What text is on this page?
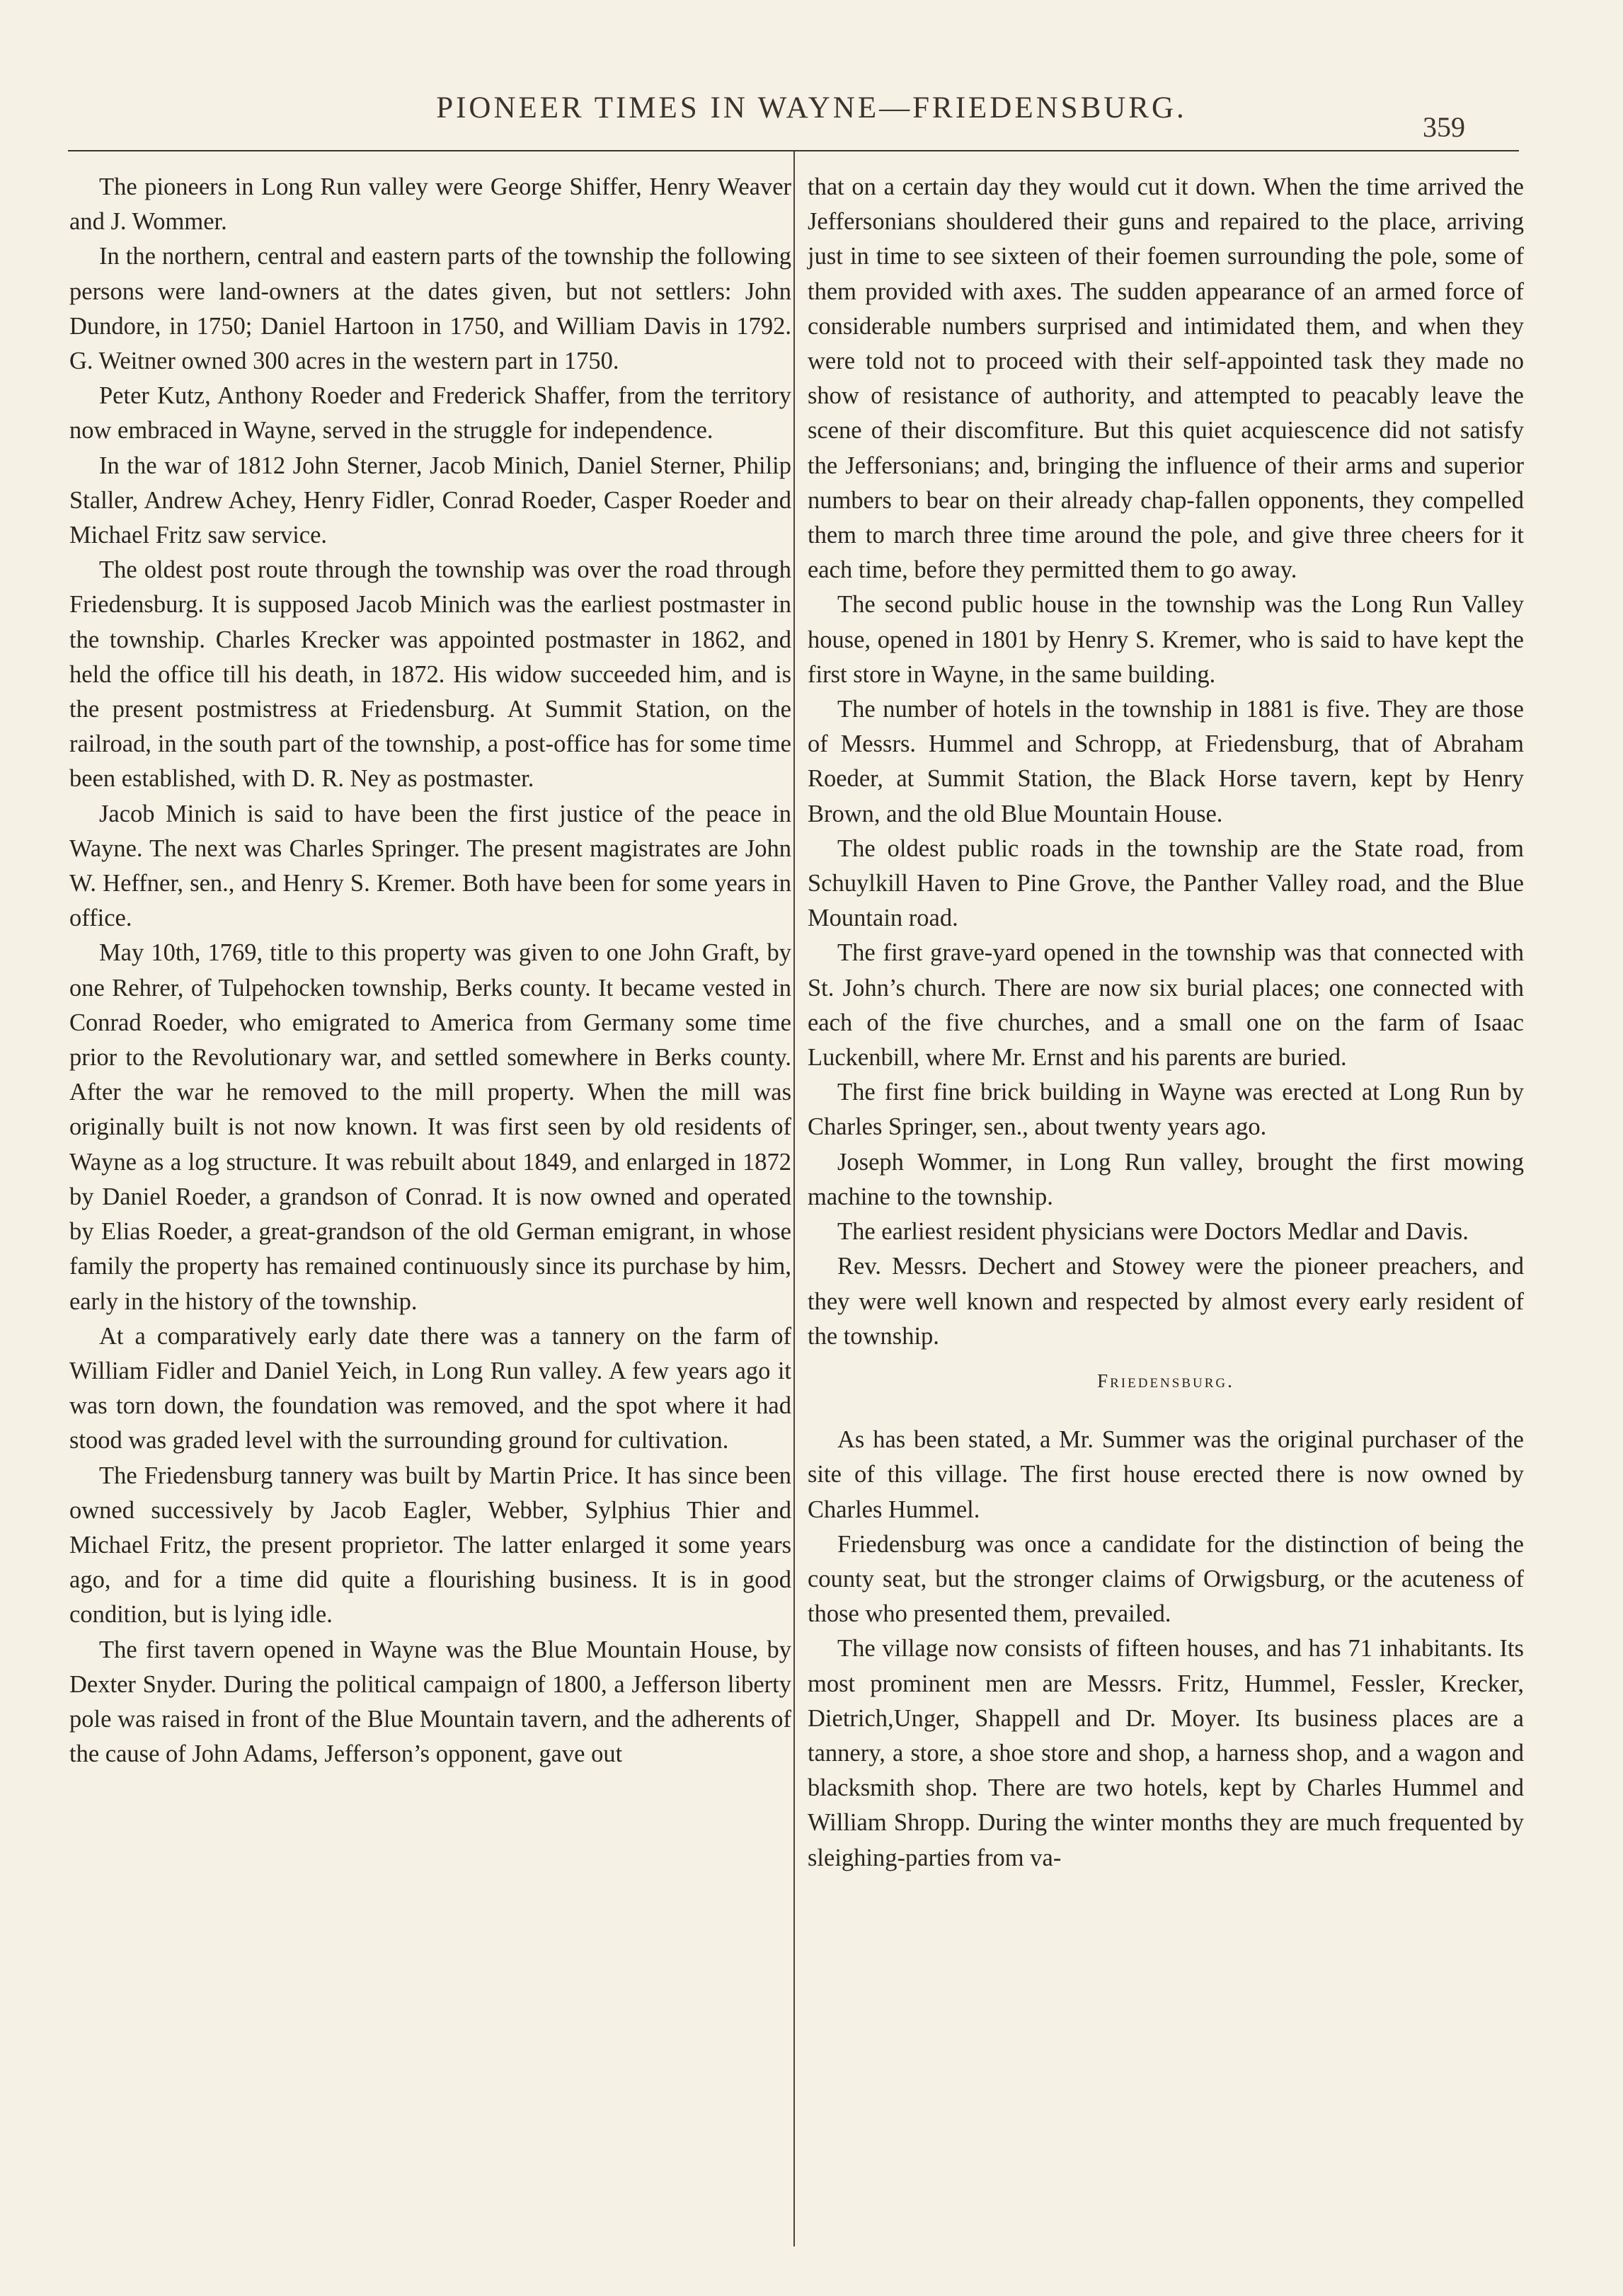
PIONEER TIMES IN WAYNE—FRIEDENSBURG.
359

The pioneers in Long Run valley were George Shiffer, Henry Weaver and J. Wommer.

In the northern, central and eastern parts of the township the following persons were land-owners at the dates given, but not settlers: John Dundore, in 1750; Daniel Hartoon in 1750, and William Davis in 1792. G. Weitner owned 300 acres in the western part in 1750.

Peter Kutz, Anthony Roeder and Frederick Shaffer, from the territory now embraced in Wayne, served in the struggle for independence.

In the war of 1812 John Sterner, Jacob Minich, Daniel Sterner, Philip Staller, Andrew Achey, Henry Fidler, Conrad Roeder, Casper Roeder and Michael Fritz saw service.

The oldest post route through the township was over the road through Friedensburg. It is supposed Jacob Minich was the earliest postmaster in the township. Charles Krecker was appointed postmaster in 1862, and held the office till his death, in 1872. His widow succeeded him, and is the present postmistress at Friedensburg. At Summit Station, on the railroad, in the south part of the township, a post-office has for some time been established, with D. R. Ney as postmaster.

Jacob Minich is said to have been the first justice of the peace in Wayne. The next was Charles Springer. The present magistrates are John W. Heffner, sen., and Henry S. Kremer. Both have been for some years in office.

May 10th, 1769, title to this property was given to one John Graft, by one Rehrer, of Tulpehocken township, Berks county. It became vested in Conrad Roeder, who emigrated to America from Germany some time prior to the Revolutionary war, and settled somewhere in Berks county. After the war he removed to the mill property. When the mill was originally built is not now known. It was first seen by old residents of Wayne as a log structure. It was rebuilt about 1849, and enlarged in 1872 by Daniel Roeder, a grandson of Conrad. It is now owned and operated by Elias Roeder, a great-grandson of the old German emigrant, in whose family the property has remained continuously since its purchase by him, early in the history of the township.

At a comparatively early date there was a tannery on the farm of William Fidler and Daniel Yeich, in Long Run valley. A few years ago it was torn down, the foundation was removed, and the spot where it had stood was graded level with the surrounding ground for cultivation.

The Friedensburg tannery was built by Martin Price. It has since been owned successively by Jacob Eagler, Webber, Sylphius Thier and Michael Fritz, the present proprietor. The latter enlarged it some years ago, and for a time did quite a flourishing business. It is in good condition, but is lying idle.

The first tavern opened in Wayne was the Blue Mountain House, by Dexter Snyder. During the political campaign of 1800, a Jefferson liberty pole was raised in front of the Blue Mountain tavern, and the adherents of the cause of John Adams, Jefferson’s opponent, gave out

that on a certain day they would cut it down. When the time arrived the Jeffersonians shouldered their guns and repaired to the place, arriving just in time to see sixteen of their foemen surrounding the pole, some of them provided with axes. The sudden appearance of an armed force of considerable numbers surprised and intimidated them, and when they were told not to proceed with their self-appointed task they made no show of resistance of authority, and attempted to peacably leave the scene of their discomfiture. But this quiet acquiescence did not satisfy the Jeffersonians; and, bringing the influence of their arms and superior numbers to bear on their already chap-fallen opponents, they compelled them to march three time around the pole, and give three cheers for it each time, before they permitted them to go away.

The second public house in the township was the Long Run Valley house, opened in 1801 by Henry S. Kremer, who is said to have kept the first store in Wayne, in the same building.

The number of hotels in the township in 1881 is five. They are those of Messrs. Hummel and Schropp, at Friedensburg, that of Abraham Roeder, at Summit Station, the Black Horse tavern, kept by Henry Brown, and the old Blue Mountain House.

The oldest public roads in the township are the State road, from Schuylkill Haven to Pine Grove, the Panther Valley road, and the Blue Mountain road.

The first grave-yard opened in the township was that connected with St. John’s church. There are now six burial places; one connected with each of the five churches, and a small one on the farm of Isaac Luckenbill, where Mr. Ernst and his parents are buried.

The first fine brick building in Wayne was erected at Long Run by Charles Springer, sen., about twenty years ago.

Joseph Wommer, in Long Run valley, brought the first mowing machine to the township.

The earliest resident physicians were Doctors Medlar and Davis.

Rev. Messrs. Dechert and Stowey were the pioneer preachers, and they were well known and respected by almost every early resident of the township.

Friedensburg.

As has been stated, a Mr. Summer was the original purchaser of the site of this village. The first house erected there is now owned by Charles Hummel.

Friedensburg was once a candidate for the distinction of being the county seat, but the stronger claims of Orwigsburg, or the acuteness of those who presented them, prevailed.

The village now consists of fifteen houses, and has 71 inhabitants. Its most prominent men are Messrs. Fritz, Hummel, Fessler, Krecker, Dietrich,Unger, Shappell and Dr. Moyer. Its business places are a tannery, a store, a shoe store and shop, a harness shop, and a wagon and blacksmith shop. There are two hotels, kept by Charles Hummel and William Shropp. During the winter months they are much frequented by sleighing-parties from va-
